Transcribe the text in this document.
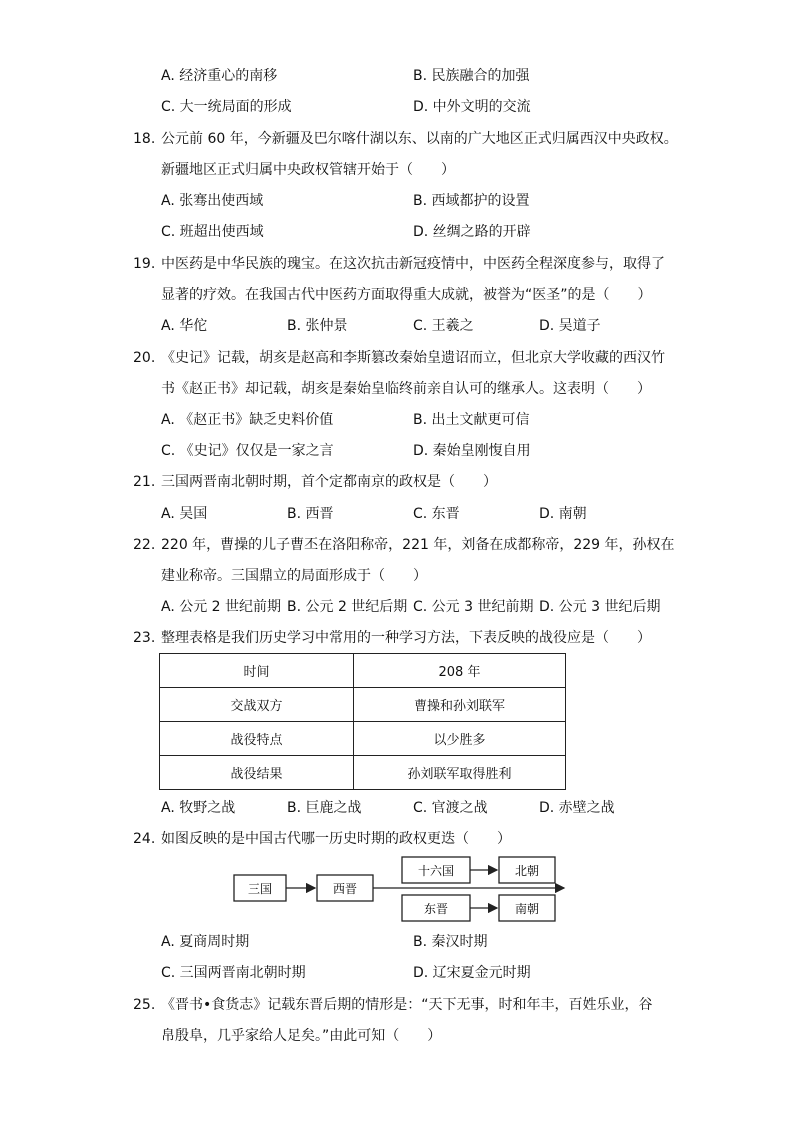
A. 经济重心的南移	B. 民族融合的加强
C. 大一统局面的形成	D. 中外文明的交流
18. 公元前 60 年，今新疆及巴尔喀什湖以东、以南的广大地区正式归属西汉中央政权。
新疆地区正式归属中央政权管辖开始于（　　）
A. 张骞出使西域	B. 西域都护的设置
C. 班超出使西域	D. 丝绸之路的开辟
19. 中医药是中华民族的瑰宝。在这次抗击新冠疫情中，中医药全程深度参与，取得了
显著的疗效。在我国古代中医药方面取得重大成就，被誉为“医圣”的是（　　）
A. 华佗	B. 张仲景	C. 王羲之	D. 吴道子
20. 《史记》记载，胡亥是赵高和李斯篡改秦始皇遗诏而立，但北京大学收藏的西汉竹
书《赵正书》却记载，胡亥是秦始皇临终前亲自认可的继承人。这表明（　　）
A. 《赵正书》缺乏史料价值	B. 出土文献更可信
C. 《史记》仅仅是一家之言	D. 秦始皇刚愎自用
21. 三国两晋南北朝时期，首个定都南京的政权是（　　）
A. 吴国	B. 西晋	C. 东晋	D. 南朝
22. 220 年，曹操的儿子曹丕在洛阳称帝，221 年，刘备在成都称帝，229 年，孙权在
建业称帝。三国鼎立的局面形成于（　　）
A. 公元 2 世纪前期 B. 公元 2 世纪后期 C. 公元 3 世纪前期 D. 公元 3 世纪后期
23. 整理表格是我们历史学习中常用的一种学习方法，下表反映的战役应是（　　）
时间	208 年
交战双方	曹操和孙刘联军
战役特点	以少胜多
战役结果	孙刘联军取得胜利
A. 牧野之战	B. 巨鹿之战	C. 官渡之战	D. 赤壁之战
24. 如图反映的是中国古代哪一历史时期的政权更迭（　　）
三国	西晋
十六国
东晋
北朝
南朝
A. 夏商周时期	B. 秦汉时期
C. 三国两晋南北朝时期	D. 辽宋夏金元时期
25. 《晋书•食货志》记载东晋后期的情形是：“天下无事，时和年丰，百姓乐业，谷
帛殷阜，几乎家给人足矣。”由此可知（　　）
